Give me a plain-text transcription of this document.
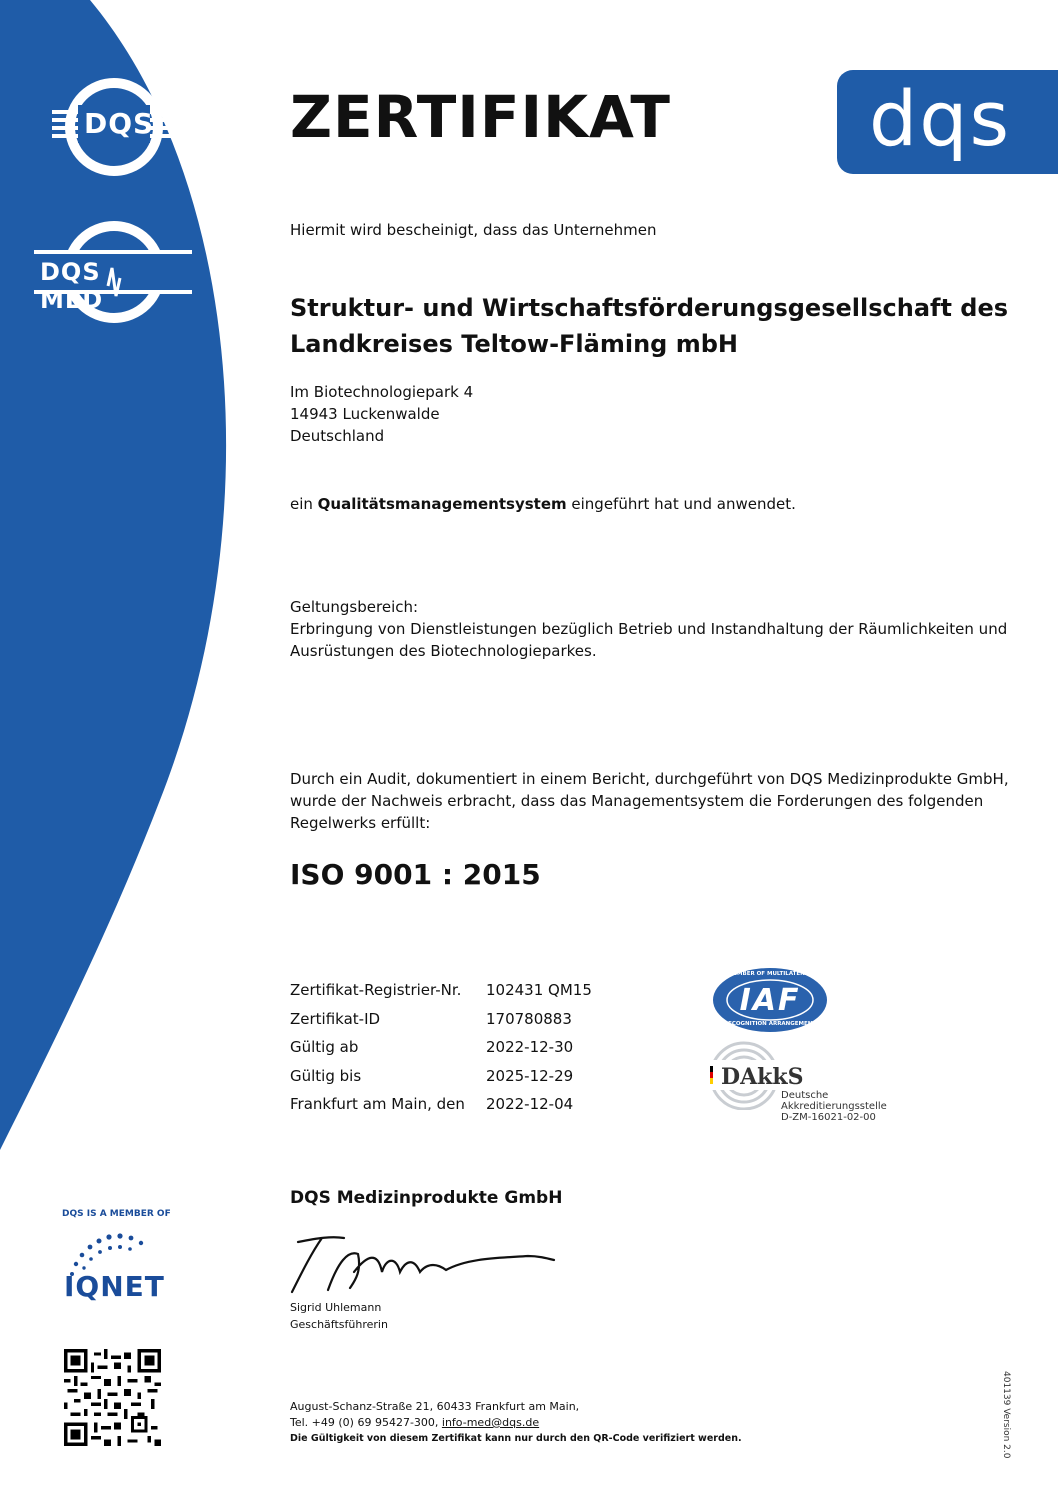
DQS
DQS MED
dqs
ZERTIFIKAT
Hiermit wird bescheinigt, dass das Unternehmen
Struktur- und Wirtschaftsförderungsgesellschaft des
Landkreises Teltow-Fläming mbH
Im Biotechnologiepark 4
14943 Luckenwalde
Deutschland
ein Qualitätsmanagementsystem eingeführt hat und anwendet.
Geltungsbereich:
Erbringung von Dienstleistungen bezüglich Betrieb und Instandhaltung der Räumlichkeiten und
Ausrüstungen des Biotechnologieparkes.
Durch ein Audit, dokumentiert in einem Bericht, durchgeführt von DQS Medizinprodukte GmbH,
wurde der Nachweis erbracht, dass das Managementsystem die Forderungen des folgenden
Regelwerks erfüllt:
ISO 9001 : 2015
Zertifikat-Registrier-Nr.	102431 QM15
Zertifikat-ID	170780883
Gültig ab	2022-12-30
Gültig bis	2025-12-29
Frankfurt am Main, den	2022-12-04
MEMBER OF MULTILATERAL
IAF
RECOGNITION ARRANGEMENT
DAkkS
Deutsche
Akkreditierungsstelle
D-ZM-16021-02-00
DQS Medizinprodukte GmbH
Sigrid Uhlemann
Geschäftsführerin
DQS IS A MEMBER OF
IQNET
August-Schanz-Straße 21, 60433 Frankfurt am Main,
Tel. +49 (0) 69 95427-300, info-med@dqs.de
Die Gültigkeit von diesem Zertifikat kann nur durch den QR-Code verifiziert werden.	401139 Version 2.0
